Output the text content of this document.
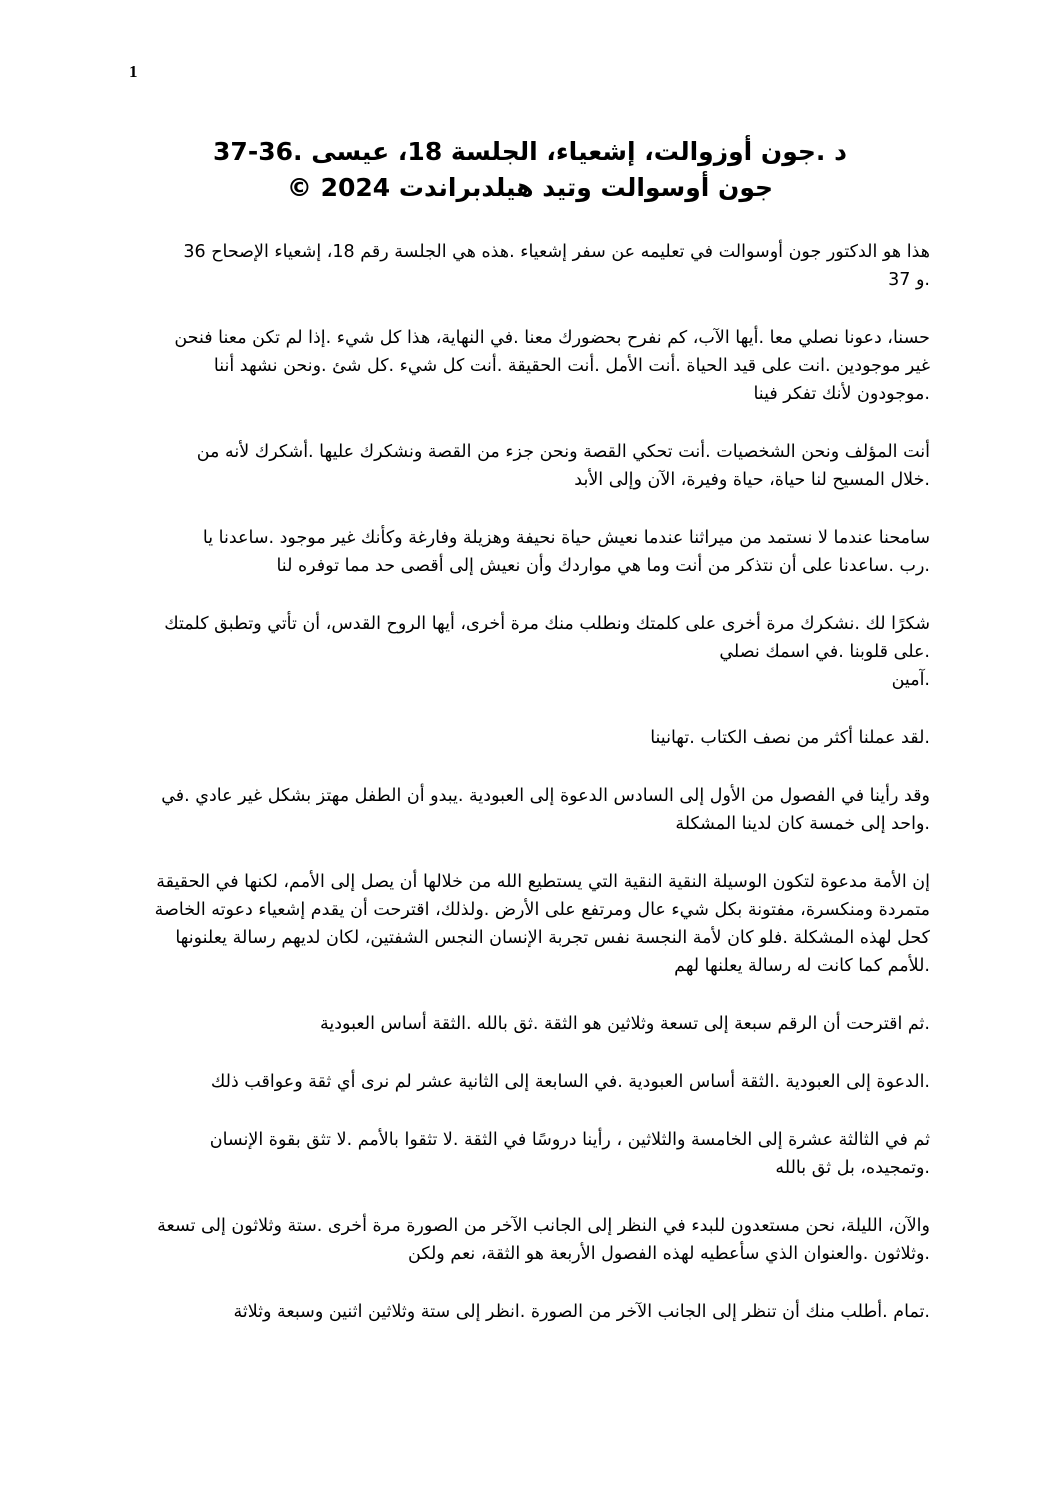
1

د .جون أوزوالت، إشعياء، الجلسة 18، عيسى .36-37

جون أوسوالت وتيد هيلدبراندت 2024 ©

هذا هو الدكتور جون أوسوالت في تعليمه عن سفر إشعياء .هذه هي الجلسة رقم 18، إشعياء الإصحاح 36
.و 37
حسنا، دعونا نصلي معا .أيها الآب، كم نفرح بحضورك معنا .في النهاية، هذا كل شيء .إذا لم تكن معنا فنحن
غير موجودين .انت على قيد الحياة .أنت الأمل .أنت الحقيقة .أنت كل شيء .كل شئ .ونحن نشهد أننا
.موجودون لأنك تفكر فينا
أنت المؤلف ونحن الشخصيات .أنت تحكي القصة ونحن جزء من القصة ونشكرك عليها .أشكرك لأنه من
.خلال المسيح لنا حياة، حياة وفيرة، الآن وإلى الأبد
سامحنا عندما لا نستمد من ميراثنا عندما نعيش حياة نحيفة وهزيلة وفارغة وكأنك غير موجود .ساعدنا يا
.رب .ساعدنا على أن نتذكر من أنت وما هي مواردك وأن نعيش إلى أقصى حد مما توفره لنا
شكرًا لك .نشكرك مرة أخرى على كلمتك ونطلب منك مرة أخرى، أيها الروح القدس، أن تأتي وتطبق كلمتك
.على قلوبنا .في اسمك نصلي
.آمين
.لقد عملنا أكثر من نصف الكتاب .تهانينا
وقد رأينا في الفصول من الأول إلى السادس الدعوة إلى العبودية .يبدو أن الطفل مهتز بشكل غير عادي .في
.واحد إلى خمسة كان لدينا المشكلة
إن الأمة مدعوة لتكون الوسيلة النقية النقية التي يستطيع الله من خلالها أن يصل إلى الأمم، لكنها في الحقيقة
متمردة ومنكسرة، مفتونة بكل شيء عال ومرتفع على الأرض .ولذلك، اقترحت أن يقدم إشعياء دعوته الخاصة
كحل لهذه المشكلة .فلو كان لأمة النجسة نفس تجربة الإنسان النجس الشفتين، لكان لديهم رسالة يعلنونها
.للأمم كما كانت له رسالة يعلنها لهم
.ثم اقترحت أن الرقم سبعة إلى تسعة وثلاثين هو الثقة .ثق بالله .الثقة أساس العبودية
.الدعوة إلى العبودية .الثقة أساس العبودية .في السابعة إلى الثانية عشر لم نرى أي ثقة وعواقب ذلك
ثم في الثالثة عشرة إلى الخامسة والثلاثين ، رأينا دروسًا في الثقة .لا تثقوا بالأمم .لا تثق بقوة الإنسان
.وتمجيده، بل ثق بالله
والآن، الليلة، نحن مستعدون للبدء في النظر إلى الجانب الآخر من الصورة مرة أخرى .ستة وثلاثون إلى تسعة
.وثلاثون .والعنوان الذي سأعطيه لهذه الفصول الأربعة هو الثقة، نعم ولكن
.تمام .أطلب منك أن تنظر إلى الجانب الآخر من الصورة .انظر إلى ستة وثلاثين اثنين وسبعة وثلاثة
